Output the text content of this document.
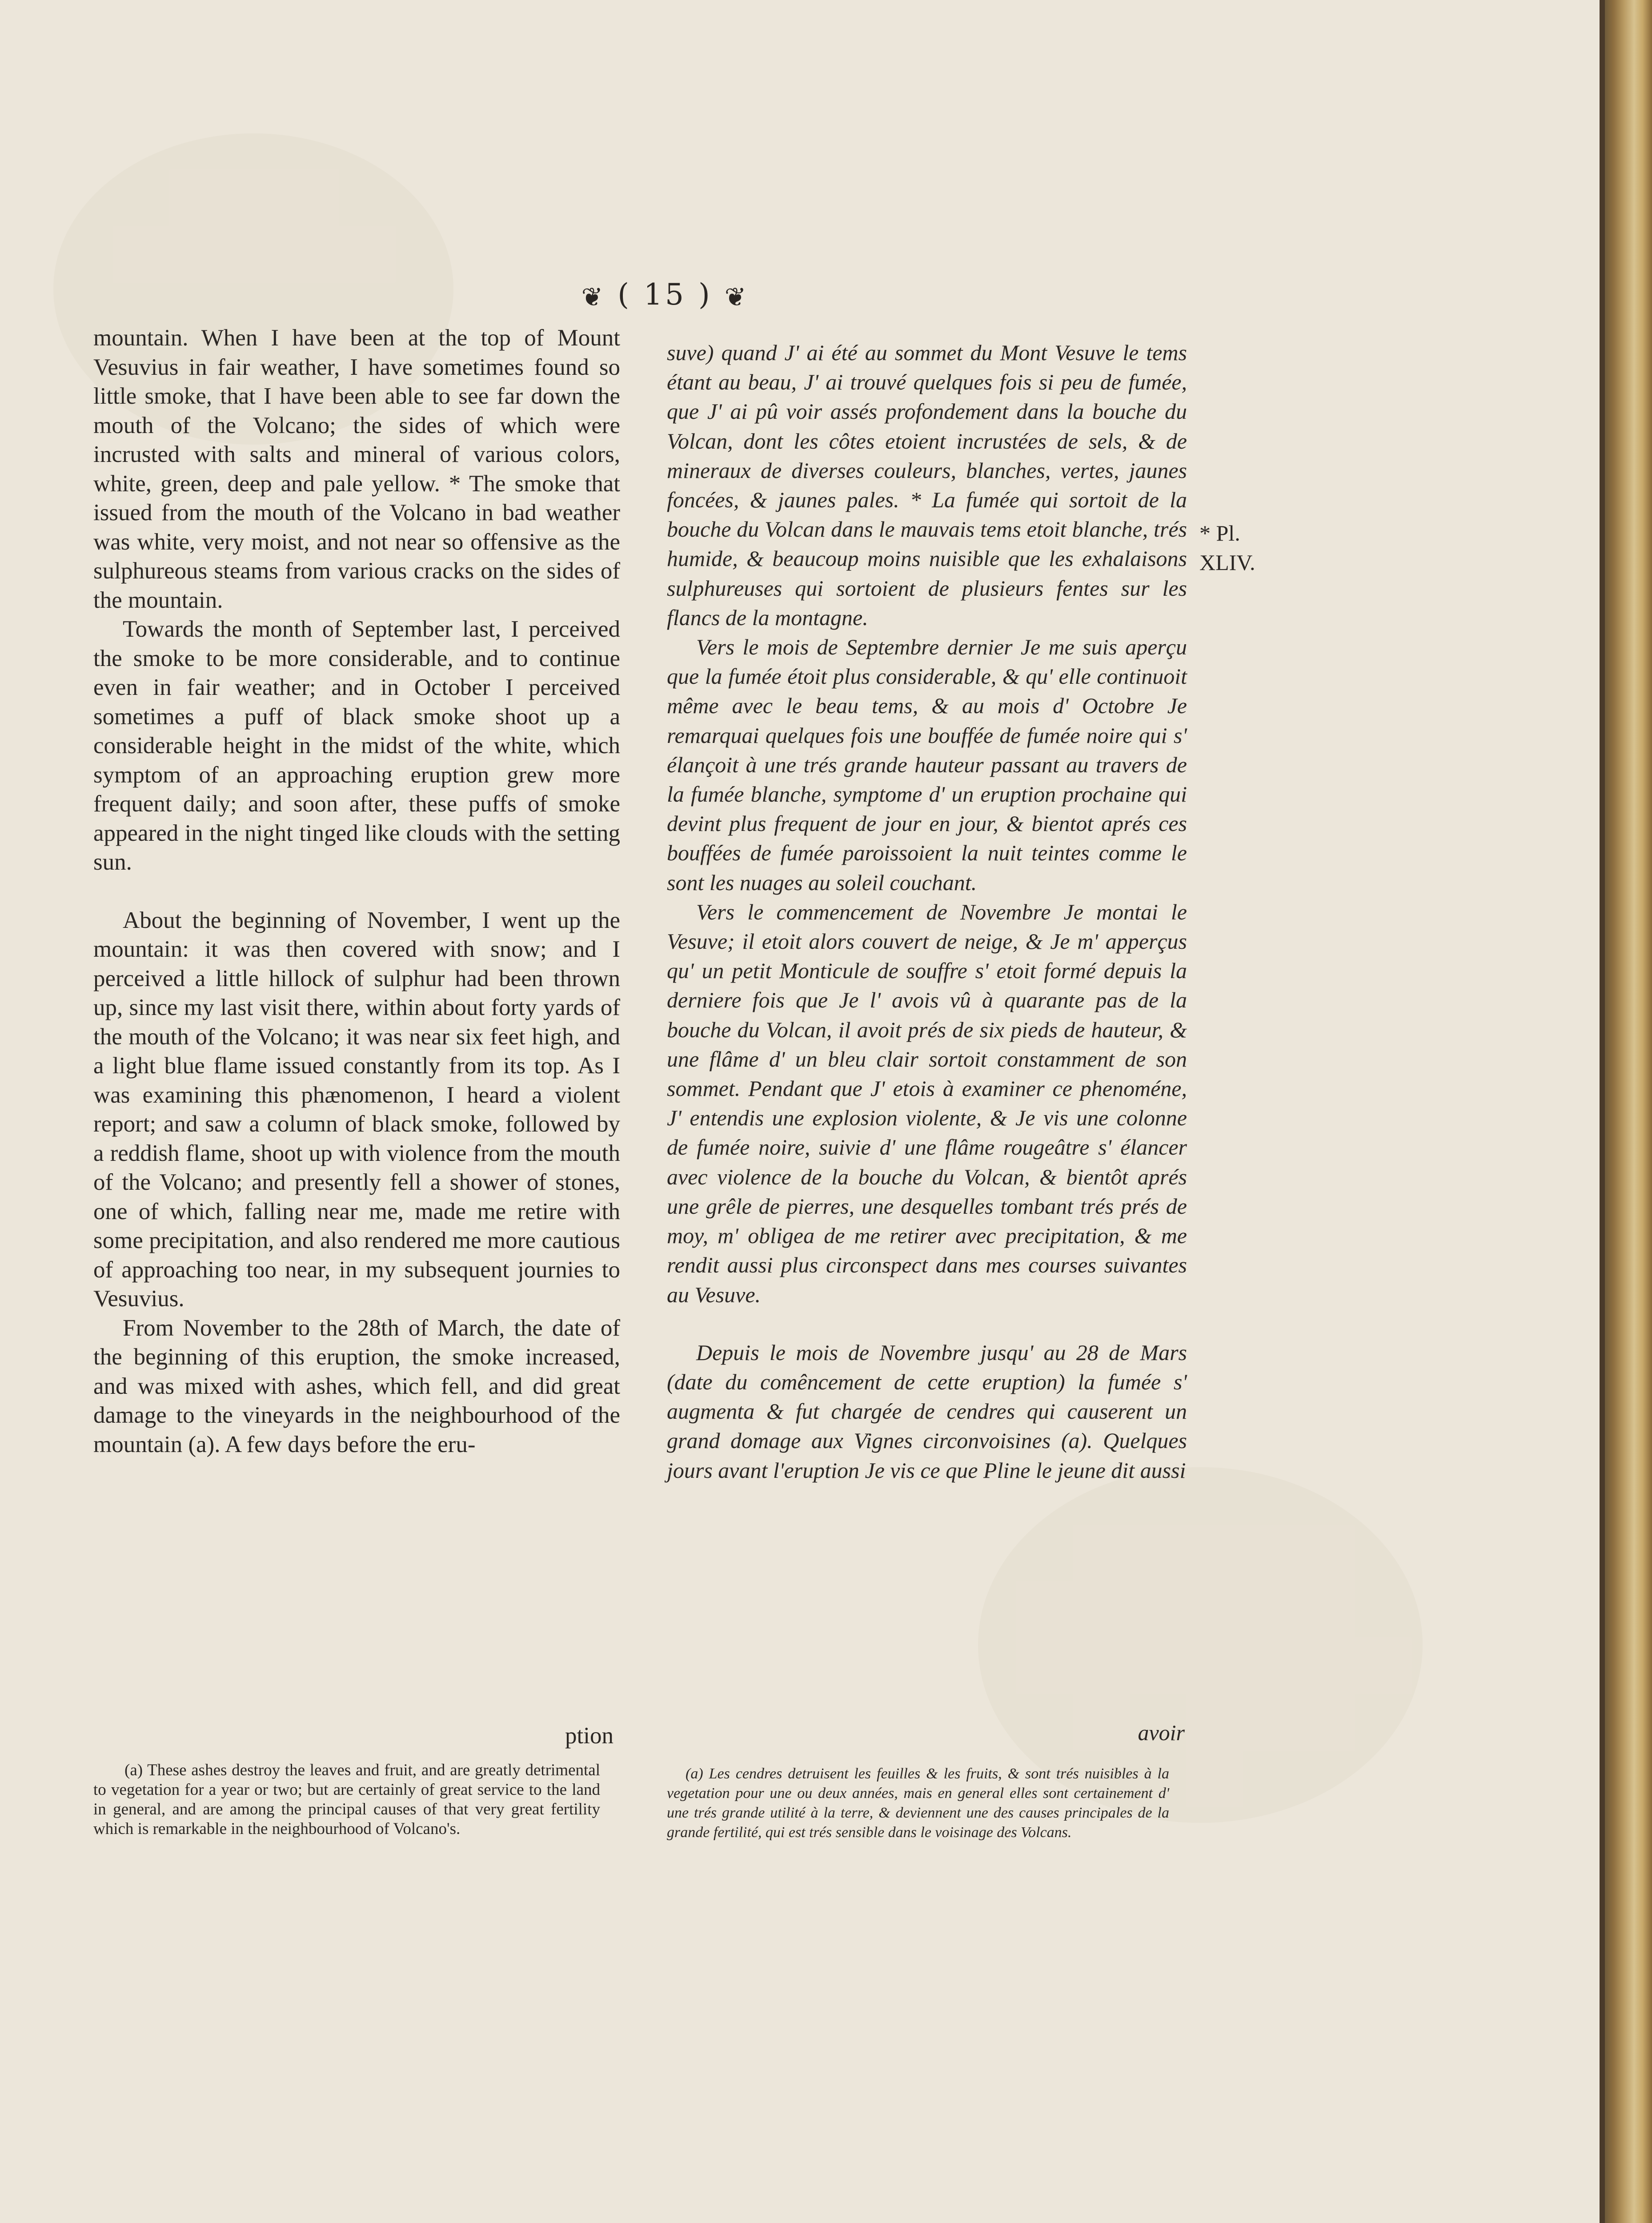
❦ ( 15 ) ❦

mountain. When I have been at the top of Mount Vesuvius in fair weather, I have sometimes found so little smoke, that I have been able to see far down the mouth of the Volcano; the sides of which were incrusted with salts and mineral of various colors, white, green, deep and pale yellow. * The smoke that issued from the mouth of the Volcano in bad weather was white, very moist, and not near so offensive as the sulphureous steams from various cracks on the sides of the mountain.

Towards the month of September last, I perceived the smoke to be more considerable, and to continue even in fair weather; and in October I perceived sometimes a puff of black smoke shoot up a considerable height in the midst of the white, which symptom of an approaching eruption grew more frequent daily; and soon after, these puffs of smoke appeared in the night tinged like clouds with the setting sun.

About the beginning of November, I went up the mountain: it was then covered with snow; and I perceived a little hillock of sulphur had been thrown up, since my last visit there, within about forty yards of the mouth of the Volcano; it was near six feet high, and a light blue flame issued constantly from its top. As I was examining this phænomenon, I heard a violent report; and saw a column of black smoke, followed by a reddish flame, shoot up with violence from the mouth of the Volcano; and presently fell a shower of stones, one of which, falling near me, made me retire with some precipitation, and also rendered me more cautious of approaching too near, in my subsequent journies to Vesuvius.

From November to the 28th of March, the date of the beginning of this eruption, the smoke increased, and was mixed with ashes, which fell, and did great damage to the vineyards in the neighbourhood of the mountain (a). A few days before the eru-

ption
(a) These ashes destroy the leaves and fruit, and are greatly detrimental to vegetation for a year or two; but are certainly of great service to the land in general, and are among the principal causes of that very great fertility which is remarkable in the neighbourhood of Volcano's.

suve) quand J' ai été au sommet du Mont Vesuve le tems étant au beau, J' ai trouvé quelques fois si peu de fumée, que J' ai pû voir assés profondement dans la bouche du Volcan, dont les côtes etoient incrustées de sels, & de mineraux de diverses couleurs, blanches, vertes, jaunes foncées, & jaunes pales. * La fumée qui sortoit de la bouche du Volcan dans le mauvais tems etoit blanche, trés humide, & beaucoup moins nuisible que les exhalaisons sulphureuses qui sortoient de plusieurs fentes sur les flancs de la montagne.

Vers le mois de Septembre dernier Je me suis aperçu que la fumée étoit plus considerable, & qu' elle continuoit même avec le beau tems, & au mois d' Octobre Je remarquai quelques fois une bouffée de fumée noire qui s' élançoit à une trés grande hauteur passant au travers de la fumée blanche, symptome d' un eruption prochaine qui devint plus frequent de jour en jour, & bientot aprés ces bouffées de fumée paroissoient la nuit teintes comme le sont les nuages au soleil couchant.

Vers le commencement de Novembre Je montai le Vesuve; il etoit alors couvert de neige, & Je m' apperçus qu' un petit Monticule de souffre s' etoit formé depuis la derniere fois que Je l' avois vû à quarante pas de la bouche du Volcan, il avoit prés de six pieds de hauteur, & une flâme d' un bleu clair sortoit constamment de son sommet. Pendant que J' etois à examiner ce phenoméne, J' entendis une explosion violente, & Je vis une colonne de fumée noire, suivie d' une flâme rougeâtre s' élancer avec violence de la bouche du Volcan, & bientôt aprés une grêle de pierres, une desquelles tombant trés prés de moy, m' obligea de me retirer avec precipitation, & me rendit aussi plus circonspect dans mes courses suivantes au Vesuve.

Depuis le mois de Novembre jusqu' au 28 de Mars (date du comêncement de cette eruption) la fumée s' augmenta & fut chargée de cendres qui causerent un grand domage aux Vignes circonvoisines (a). Quelques jours avant l'eruption Je vis ce que Pline le jeune dit aussi

avoir
(a) Les cendres detruisent les feuilles & les fruits, & sont trés nuisibles à la vegetation pour une ou deux années, mais en general elles sont certainement d' une trés grande utilité à la terre, & deviennent une des causes principales de la grande fertilité, qui est trés sensible dans le voisinage des Volcans.
* Pl.
XLIV.
